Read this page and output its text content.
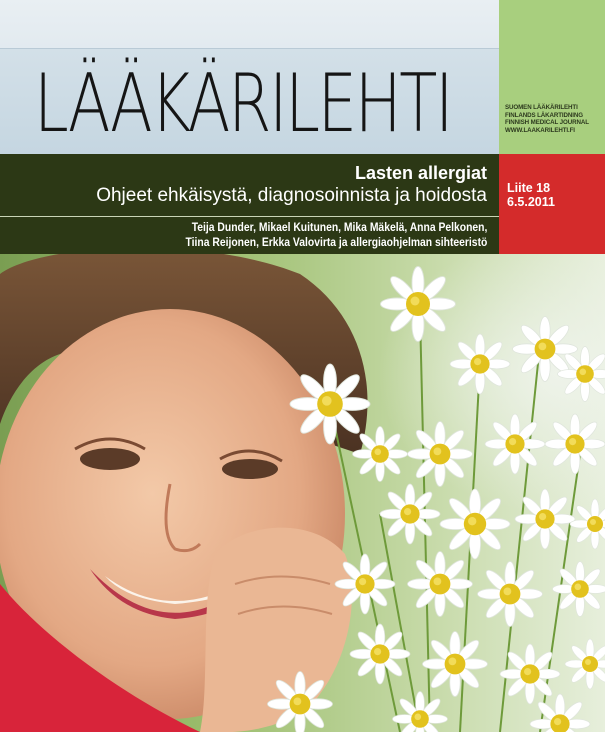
LÄÄKÄRILEHTI	SUOMEN LÄÄKÄRILEHTI
FINLANDS LÄKARTIDNING
FINNISH MEDICAL JOURNAL
WWW.LAAKARILEHTI.FI
Lasten allergiat
Ohjeet ehkäisystä, diagnosoinnista ja hoidosta
Teija Dunder, Mikael Kuitunen, Mika Mäkelä, Anna Pelkonen,
Tiina Reijonen, Erkka Valovirta ja allergiaohjelman sihteeristö
Liite 18
6.5.2011
